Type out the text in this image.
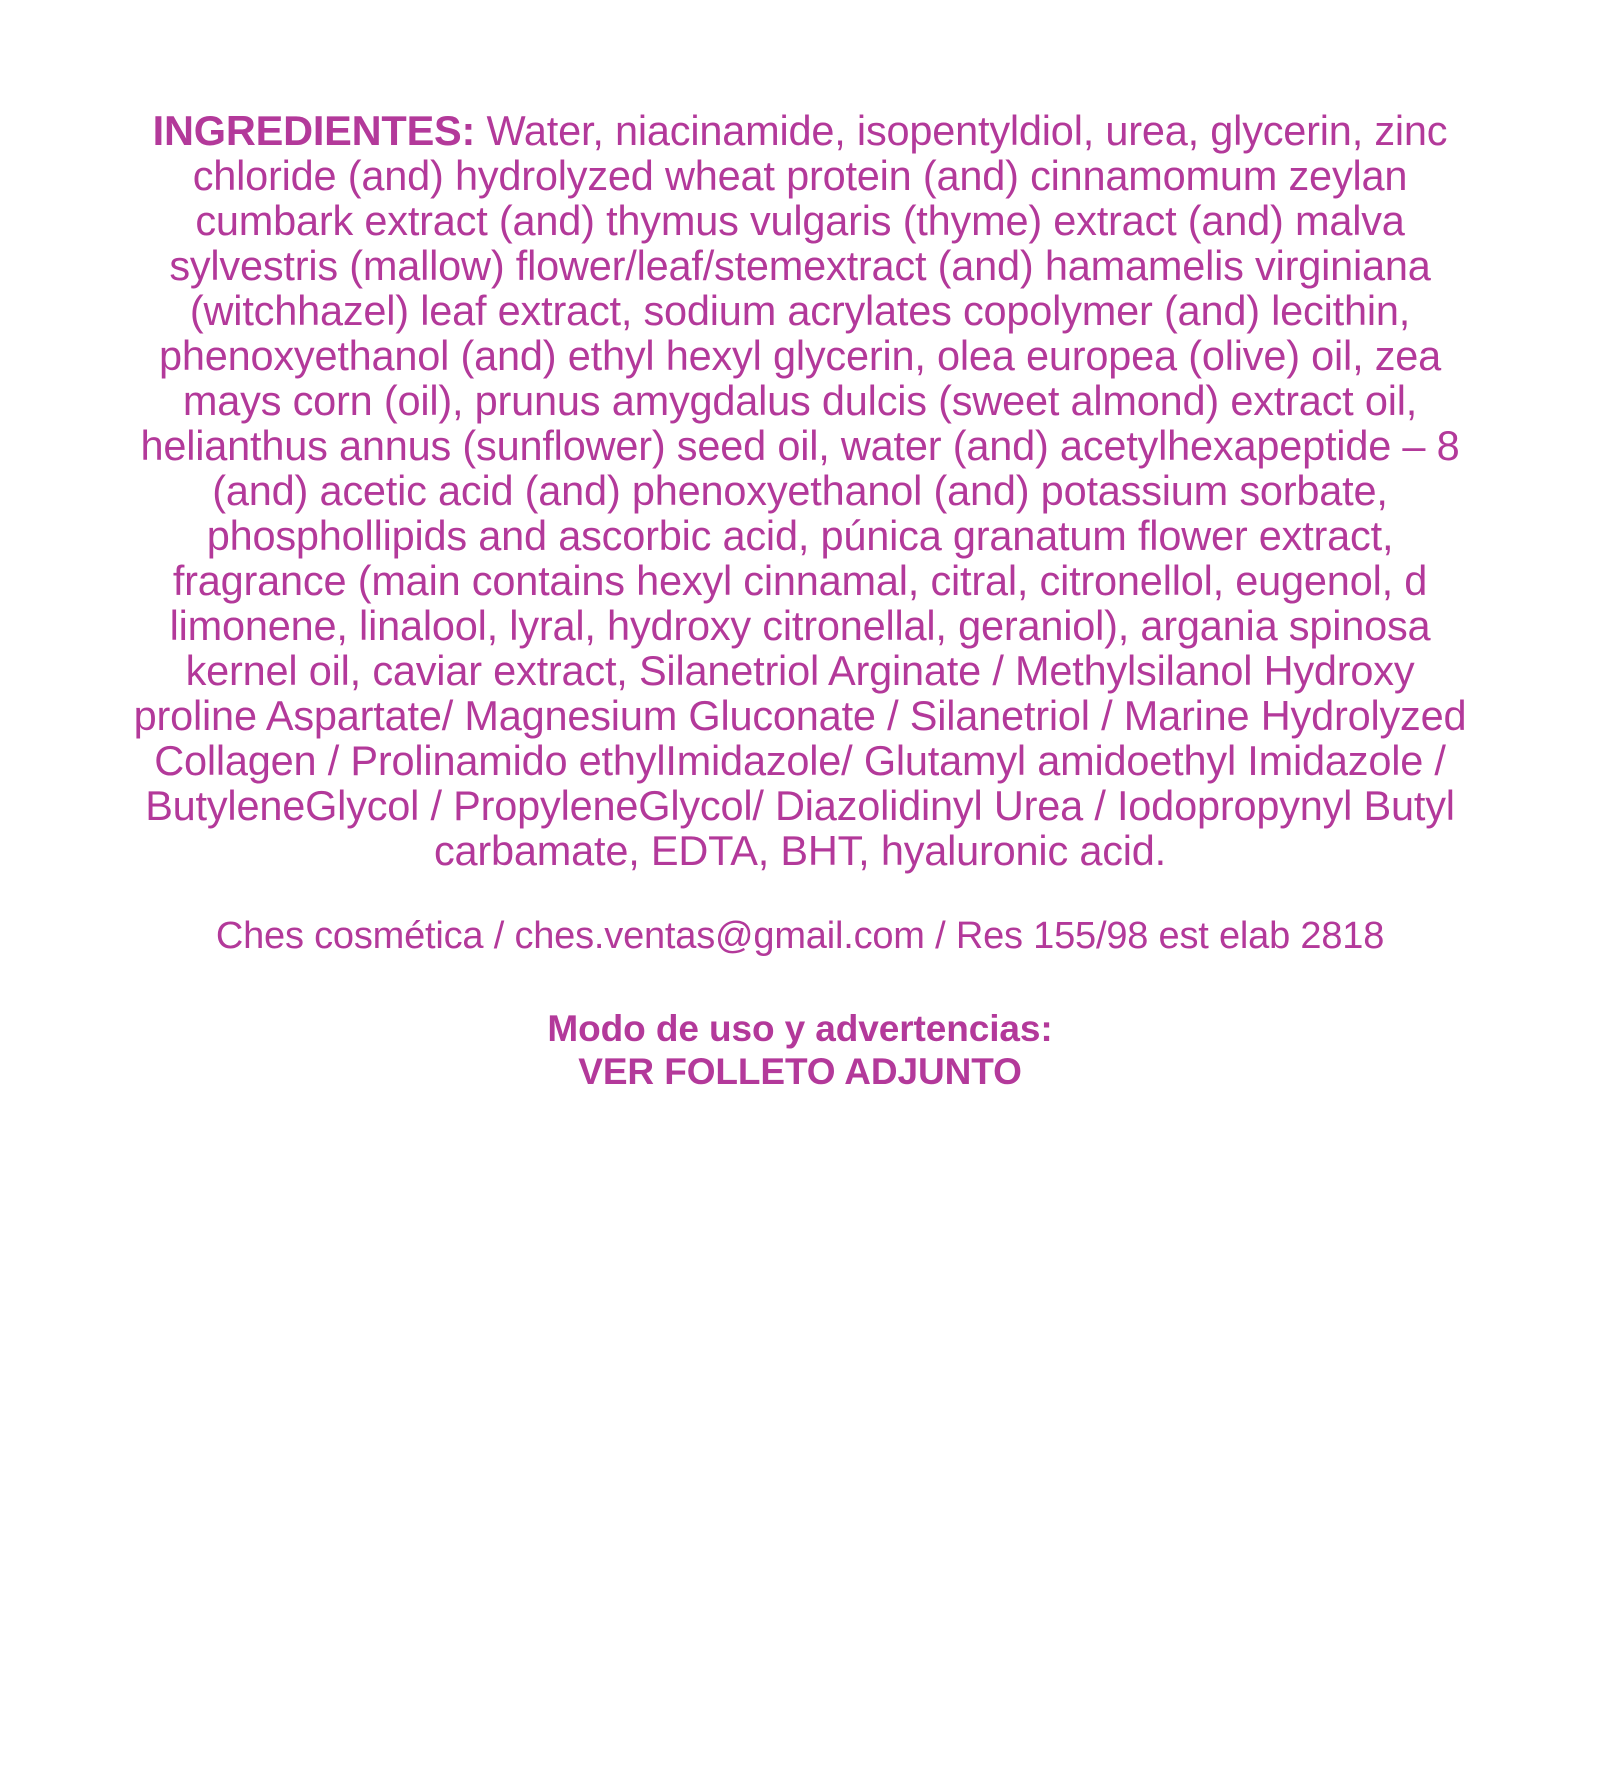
INGREDIENTES: Water, niacinamide, isopentyldiol, urea, glycerin, zinc chloride (and) hydrolyzed wheat protein (and) cinnamomum zeylan cumbark extract (and) thymus vulgaris (thyme) extract (and) malva sylvestris (mallow) flower/leaf/stemextract (and) hamamelis virginiana (witchhazel) leaf extract, sodium acrylates copolymer (and) lecithin, phenoxyethanol (and) ethyl hexyl glycerin, olea europea (olive) oil, zea mays corn (oil), prunus amygdalus dulcis (sweet almond) extract oil, helianthus annus (sunflower) seed oil, water (and) acetylhexapeptide – 8 (and) acetic acid (and) phenoxyethanol (and) potassium sorbate, phosphollipids and ascorbic acid, púnica granatum flower extract, fragrance (main contains hexyl cinnamal, citral, citronellol, eugenol, d limonene, linalool, lyral, hydroxy citronellal, geraniol), argania spinosa kernel oil, caviar extract, Silanetriol Arginate / Methylsilanol Hydroxy proline Aspartate/ Magnesium Gluconate / Silanetriol / Marine Hydrolyzed Collagen / Prolinamido ethylImidazole/ Glutamyl amidoethyl Imidazole / ButyleneGlycol / PropyleneGlycol/ Diazolidinyl Urea / Iodopropynyl Butyl carbamate, EDTA, BHT, hyaluronic acid.

Ches cosmética / ches.ventas@gmail.com / Res 155/98 est elab 2818

Modo de uso y advertencias:
VER FOLLETO ADJUNTO
